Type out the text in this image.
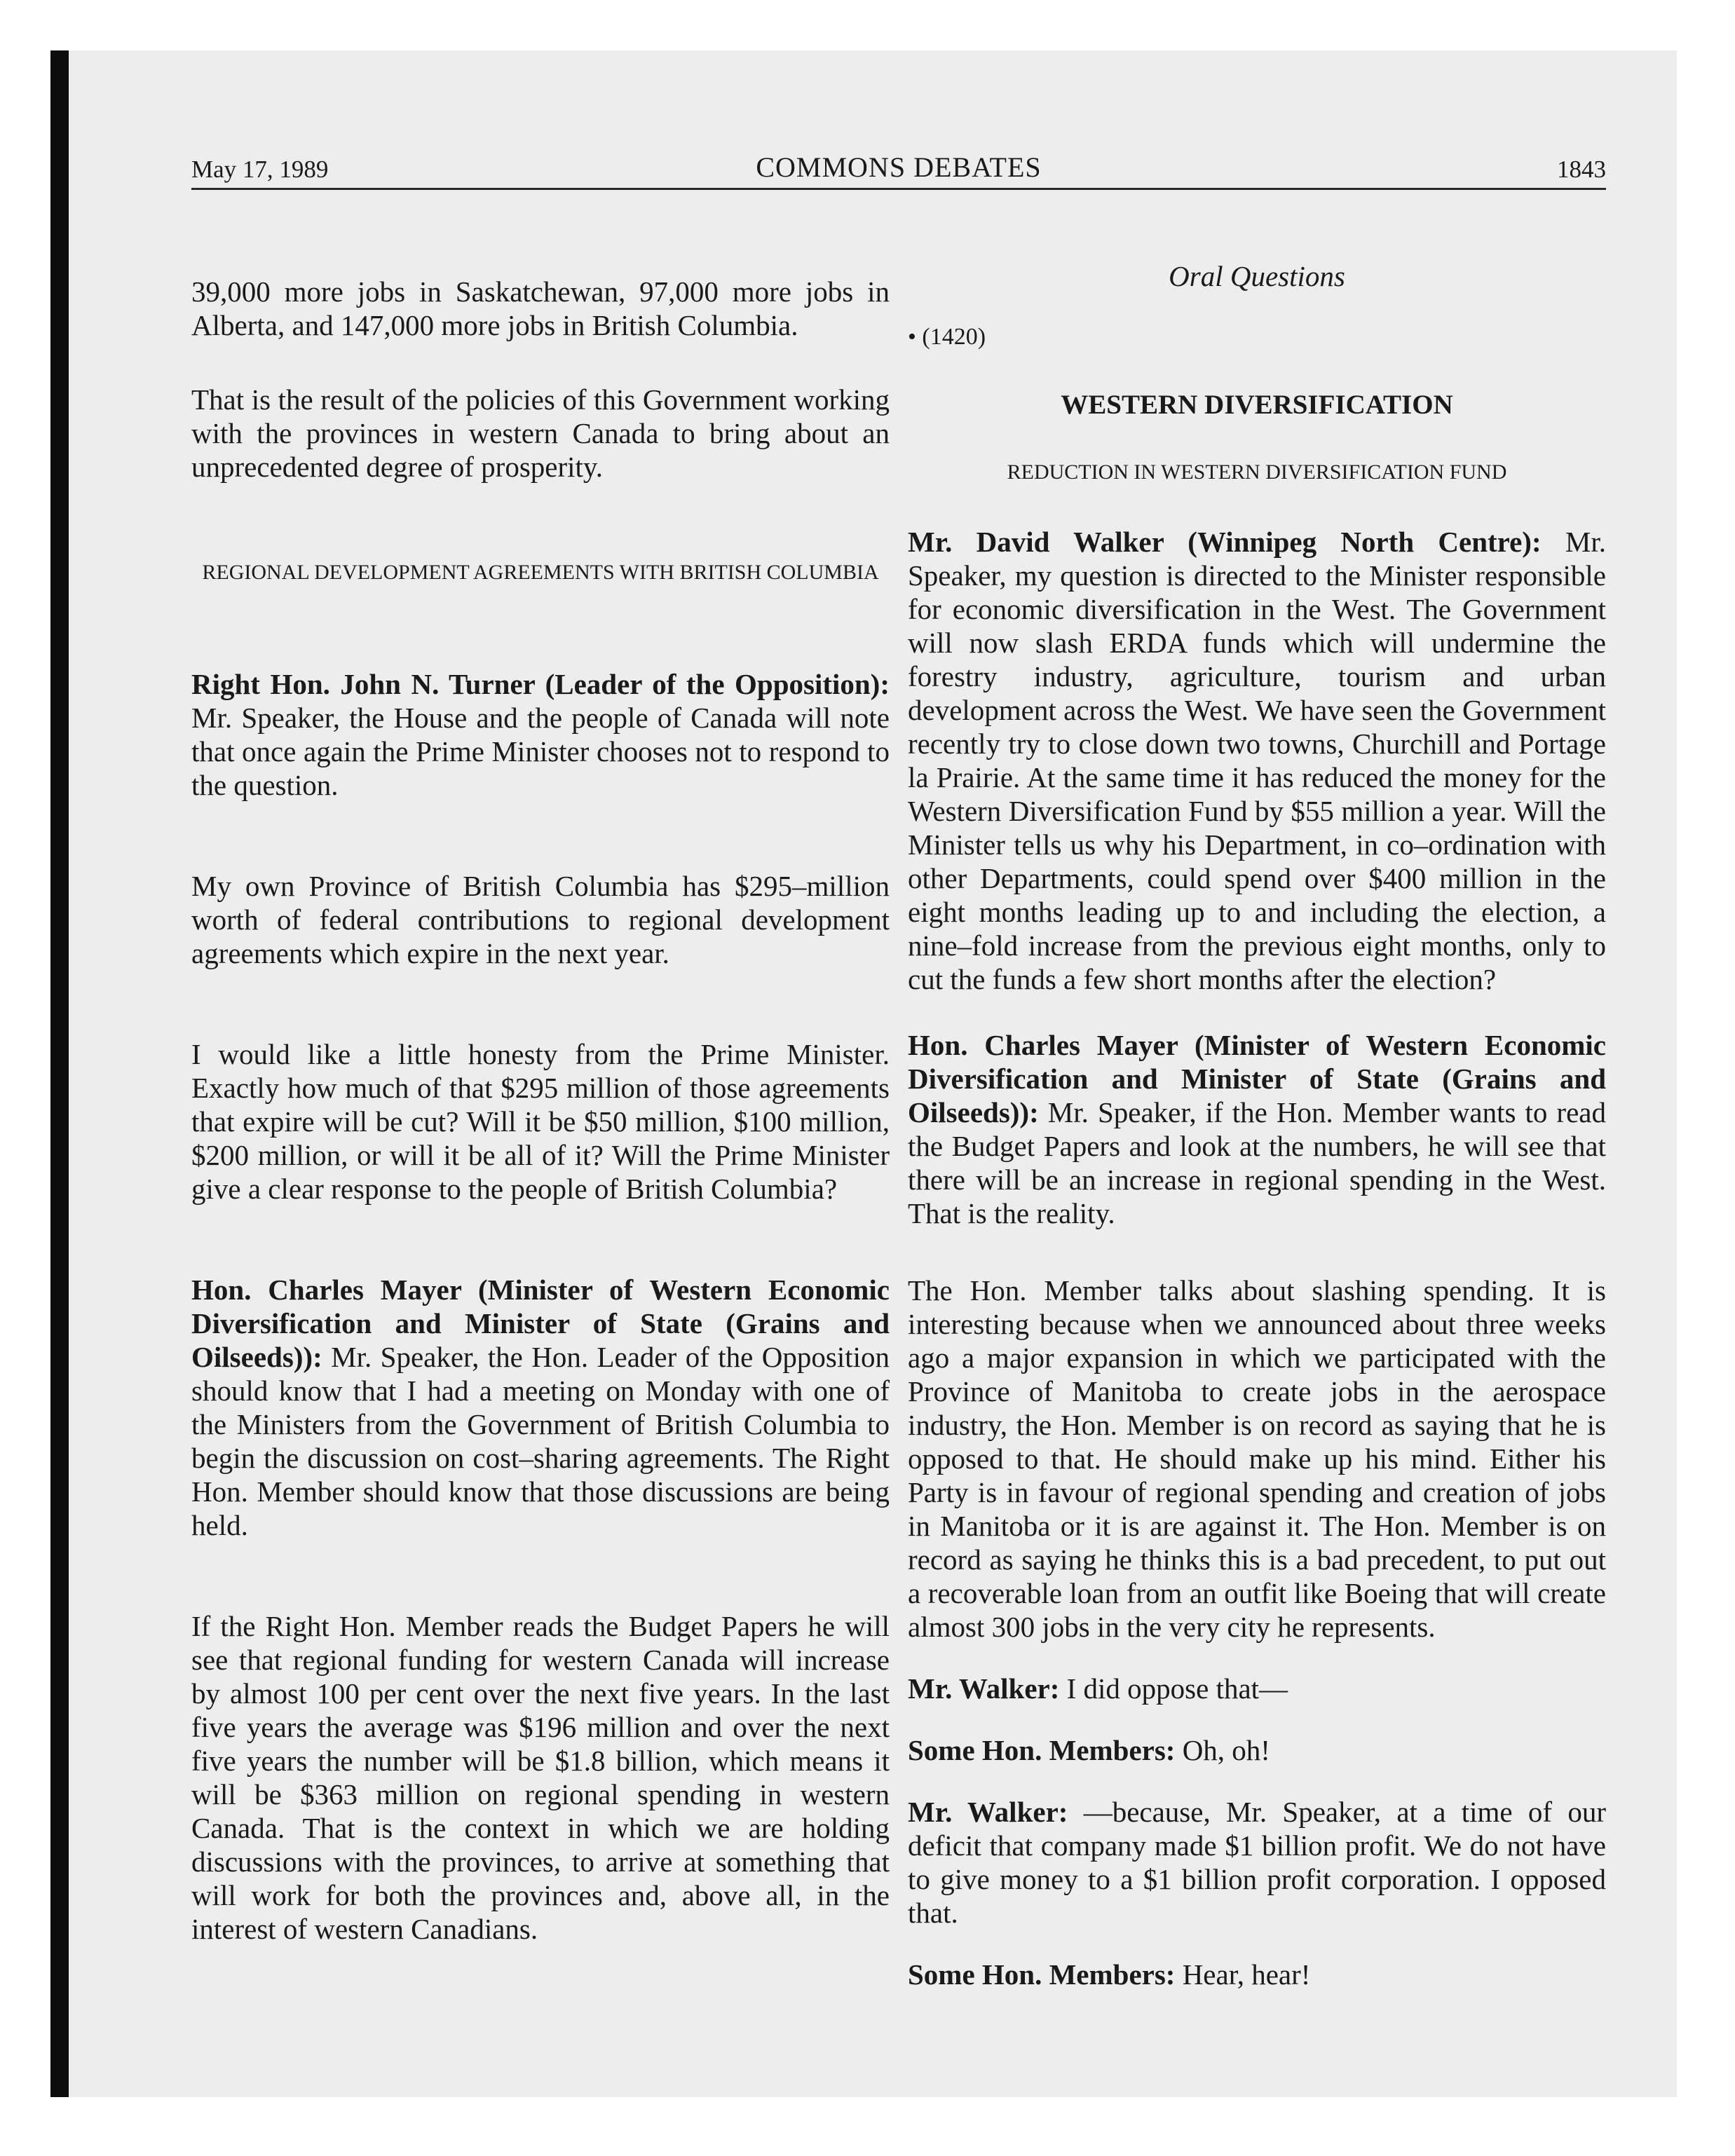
May 17, 1989	COMMONS DEBATES	1843
Oral Questions

39,000 more jobs in Saskatchewan, 97,000 more jobs in Alberta, and 147,000 more jobs in British Columbia.

That is the result of the policies of this Government working with the provinces in western Canada to bring about an unprecedented degree of prosperity.

REGIONAL DEVELOPMENT AGREEMENTS WITH BRITISH COLUMBIA

Right Hon. John N. Turner (Leader of the Opposition): Mr. Speaker, the House and the people of Canada will note that once again the Prime Minister chooses not to respond to the question.

My own Province of British Columbia has $295–million worth of federal contributions to regional development agreements which expire in the next year.

I would like a little honesty from the Prime Minister. Exactly how much of that $295 million of those agreements that expire will be cut? Will it be $50 million, $100 million, $200 million, or will it be all of it? Will the Prime Minister give a clear response to the people of British Columbia?

Hon. Charles Mayer (Minister of Western Economic Diversification and Minister of State (Grains and Oilseeds)): Mr. Speaker, the Hon. Leader of the Opposition should know that I had a meeting on Monday with one of the Ministers from the Government of British Columbia to begin the discussion on cost–sharing agreements. The Right Hon. Member should know that those discussions are being held.

If the Right Hon. Member reads the Budget Papers he will see that regional funding for western Canada will increase by almost 100 per cent over the next five years. In the last five years the average was $196 million and over the next five years the number will be $1.8 billion, which means it will be $363 million on regional spending in western Canada. That is the context in which we are holding discussions with the provinces, to arrive at something that will work for both the provinces and, above all, in the interest of western Canadians.

• (1420)

WESTERN DIVERSIFICATION

REDUCTION IN WESTERN DIVERSIFICATION FUND

Mr. David Walker (Winnipeg North Centre): Mr. Speaker, my question is directed to the Minister responsible for economic diversification in the West. The Government will now slash ERDA funds which will undermine the forestry industry, agriculture, tourism and urban development across the West. We have seen the Government recently try to close down two towns, Churchill and Portage la Prairie. At the same time it has reduced the money for the Western Diversification Fund by $55 million a year. Will the Minister tells us why his Department, in co–ordination with other Departments, could spend over $400 million in the eight months leading up to and including the election, a nine–fold increase from the previous eight months, only to cut the funds a few short months after the election?

Hon. Charles Mayer (Minister of Western Economic Diversification and Minister of State (Grains and Oilseeds)): Mr. Speaker, if the Hon. Member wants to read the Budget Papers and look at the numbers, he will see that there will be an increase in regional spending in the West. That is the reality.

The Hon. Member talks about slashing spending. It is interesting because when we announced about three weeks ago a major expansion in which we participated with the Province of Manitoba to create jobs in the aerospace industry, the Hon. Member is on record as saying that he is opposed to that. He should make up his mind. Either his Party is in favour of regional spending and creation of jobs in Manitoba or it is are against it. The Hon. Member is on record as saying he thinks this is a bad precedent, to put out a recoverable loan from an outfit like Boeing that will create almost 300 jobs in the very city he represents.

Mr. Walker: I did oppose that—

Some Hon. Members: Oh, oh!

Mr. Walker: —because, Mr. Speaker, at a time of our deficit that company made $1 billion profit. We do not have to give money to a $1 billion profit corporation. I opposed that.

Some Hon. Members: Hear, hear!
